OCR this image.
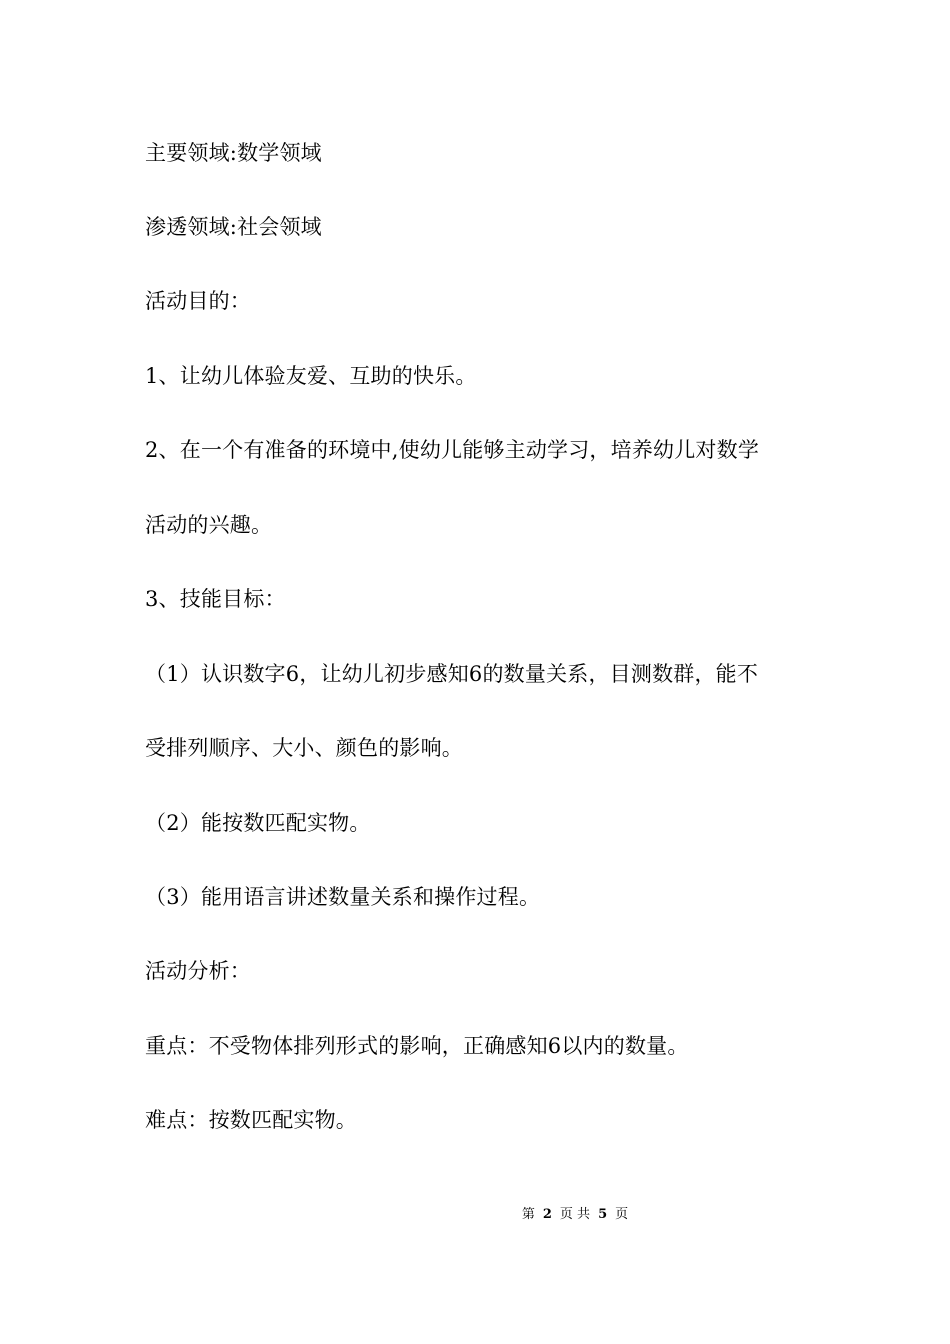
主要领域:数学领域
渗透领域:社会领域
活动目的：
1、让幼儿体验友爱、互助的快乐。
2、在一个有准备的环境中,使幼儿能够主动学习，培养幼儿对数学
活动的兴趣。
3、技能目标：
（1）认识数字6，让幼儿初步感知6的数量关系，目测数群，能不
受排列顺序、大小、颜色的影响。
（2）能按数匹配实物。
（3）能用语言讲述数量关系和操作过程。
活动分析：
重点：不受物体排列形式的影响，正确感知6以内的数量。
难点：按数匹配实物。
第 2 页 共 5 页
